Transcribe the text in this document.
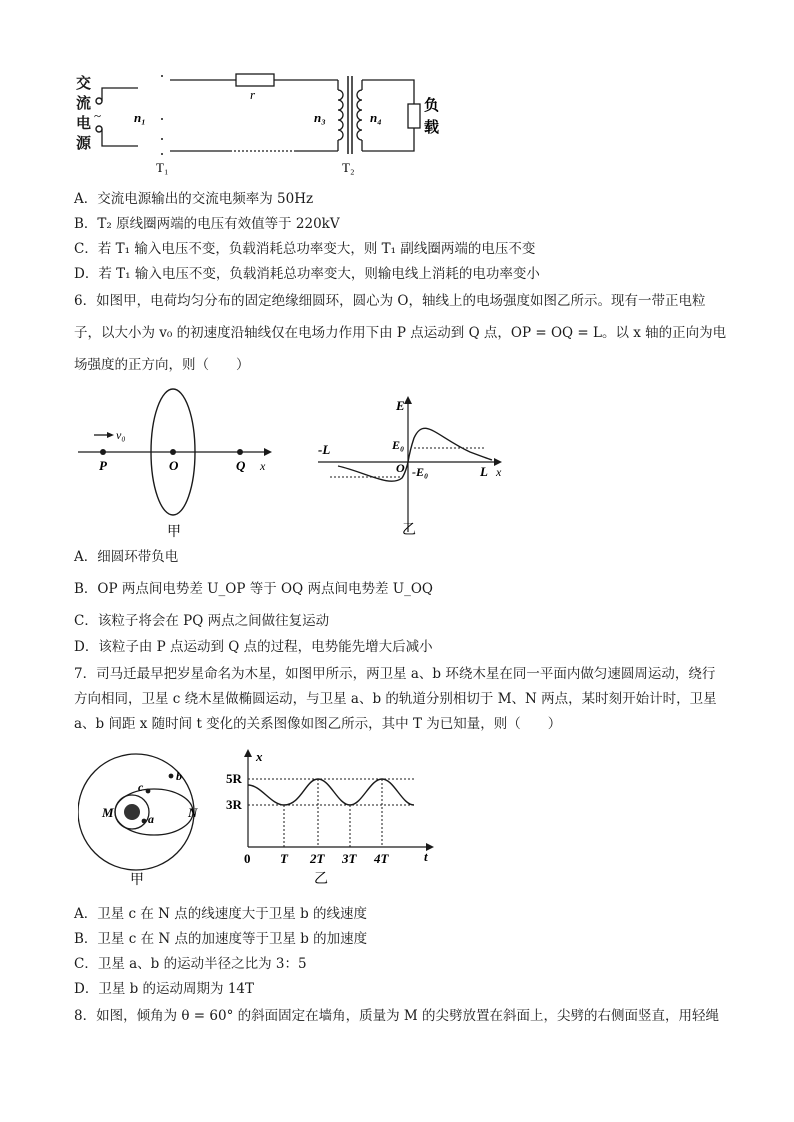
交
流
电
源
~	n₁
T₁
r
n₃
T₂
n₄
负
载
A．交流电源输出的交流电频率为 50Hz
B．T₂ 原线圈两端的电压有效值等于 220kV
C．若 T₁ 输入电压不变，负载消耗总功率变大，则 T₁ 副线圈两端的电压不变
D．若 T₁ 输入电压不变，负载消耗总功率变大，则输电线上消耗的电功率变小
6．如图甲，电荷均匀分布的固定绝缘细圆环，圆心为 O，轴线上的电场强度如图乙所示。现有一带正电粒
子，以大小为 v₀ 的初速度沿轴线仅在电场力作用下由 P 点运动到 Q 点，OP = OQ = L。以 x 轴的正向为电
场强度的正方向，则（　　）
x
v₀
P	O	Q
甲
x
E
E₀
-E₀
-L
O	L
乙
A．细圆环带负电
B．OP 两点间电势差 U_OP 等于 OQ 两点间电势差 U_OQ
C．该粒子将会在 PQ 两点之间做往复运动
D．该粒子由 P 点运动到 Q 点的过程，电势能先增大后减小
7．司马迁最早把岁星命名为木星，如图甲所示，两卫星 a、b 环绕木星在同一平面内做匀速圆周运动，绕行
方向相同，卫星 c 绕木星做椭圆运动，与卫星 a、b 的轨道分别相切于 M、N 两点，某时刻开始计时，卫星
a、b 间距 x 随时间 t 变化的关系图像如图乙所示，其中 T 为已知量，则（　　）
a
c
b
M	N
甲
x
t
5R
3R
0 T 2T 3T 4T
乙
A．卫星 c 在 N 点的线速度大于卫星 b 的线速度
B．卫星 c 在 N 点的加速度等于卫星 b 的加速度
C．卫星 a、b 的运动半径之比为 3：5
D．卫星 b 的运动周期为 14T
8．如图，倾角为 θ = 60° 的斜面固定在墙角，质量为 M 的尖劈放置在斜面上，尖劈的右侧面竖直，用轻绳
